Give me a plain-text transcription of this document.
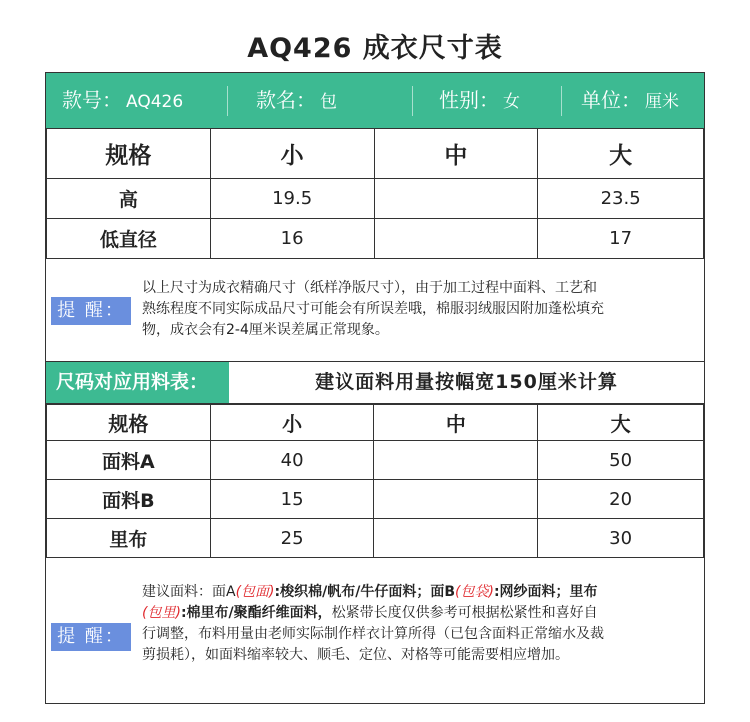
AQ426 成衣尺寸表
款号： AQ426	款名： 包	性别： 女	单位： 厘米
规格	小	中	大
高	19.5		23.5
低直径	16		17
提 醒：
以上尺寸为成衣精确尺寸（纸样净版尺寸），由于加工过程中面料、工艺和
熟练程度不同实际成品尺寸可能会有所误差哦，棉服羽绒服因附加蓬松填充
物，成衣会有2-4厘米误差属正常现象。
尺码对应用料表：	建议面料用量按幅宽150厘米计算
规格	小	中	大
面料A	40		50
面料B	15		20
里布	25		30
提 醒：
建议面料：面A(包面):梭织棉/帆布/牛仔面料；面B(包袋):网纱面料；里布
(包里):棉里布/聚酯纤维面料，松紧带长度仅供参考可根据松紧性和喜好自
行调整，布料用量由老师实际制作样衣计算所得（已包含面料正常缩水及裁
剪损耗），如面料缩率较大、顺毛、定位、对格等可能需要相应增加。
